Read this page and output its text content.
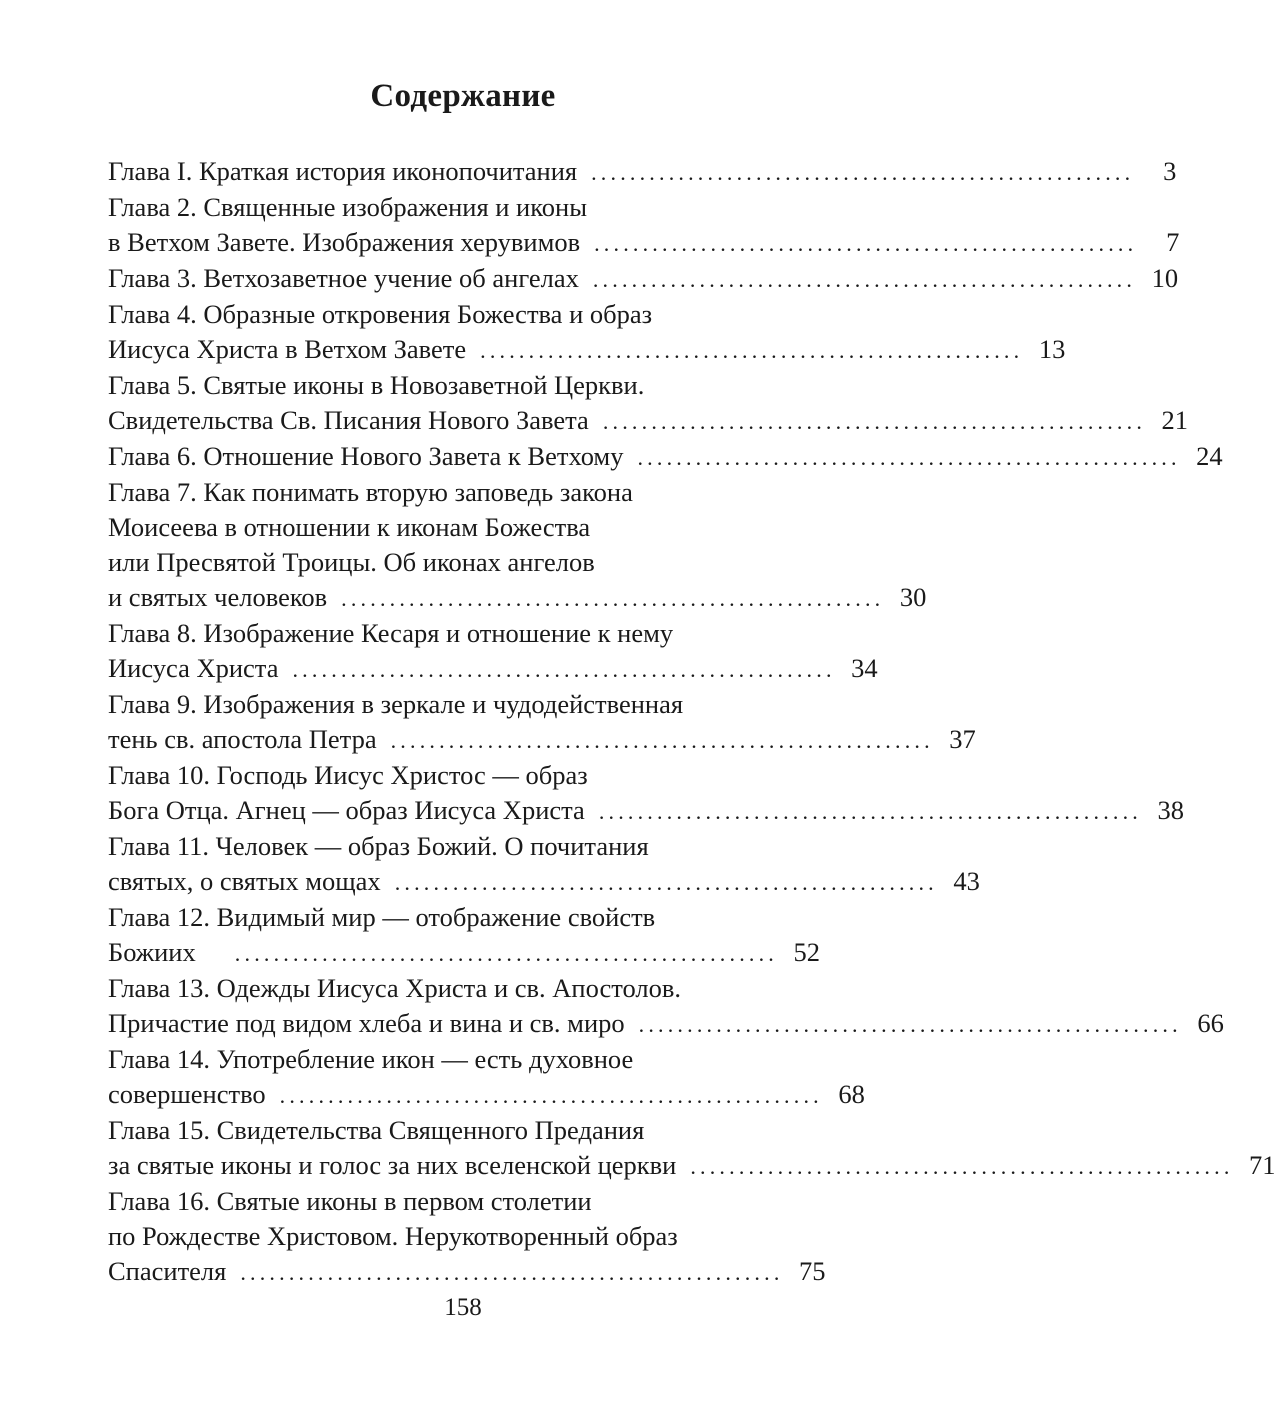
Содержание
Глава I. Краткая история иконопочитания ........................................................	3
Глава 2. Священные изображения и иконы
в Ветхом Завете. Изображения херувимов ........................................................	7
Глава 3. Ветхозаветное учение об ангелах ........................................................ 10
Глава 4. Образные откровения Божества и образ
Иисуса Христа в Ветхом Завете ........................................................ 13
Глава 5. Святые иконы в Новозаветной Церкви.
Свидетельства Св. Писания Нового Завета ........................................................ 21
Глава 6. Отношение Нового Завета к Ветхому ........................................................ 24
Глава 7. Как понимать вторую заповедь закона
Моисеева в отношении к иконам Божества
или Пресвятой Троицы. Об иконах ангелов
и святых человеков ........................................................ 30
Глава 8. Изображение Кесаря и отношение к нему
Иисуса Христа ........................................................ 34
Глава 9. Изображения в зеркале и чудодейственная
тень св. апостола Петра ........................................................ 37
Глава 10. Господь Иисус Христос — образ
Бога Отца. Агнец — образ Иисуса Христа ........................................................ 38
Глава 11. Человек — образ Божий. О почитания
святых, о святых мощах ........................................................ 43
Глава 12. Видимый мир — отображение свойств
Божиих	........................................................ 52
Глава 13. Одежды Иисуса Христа и св. Апостолов.
Причастие под видом хлеба и вина и св. миро ........................................................ 66
Глава 14. Употребление икон — есть духовное
совершенство ........................................................ 68
Глава 15. Свидетельства Священного Предания
за святые иконы и голос за них вселенской церкви ........................................................ 71
Глава 16. Святые иконы в первом столетии
по Рождестве Христовом. Нерукотворенный образ
Спасителя ........................................................ 75
158
